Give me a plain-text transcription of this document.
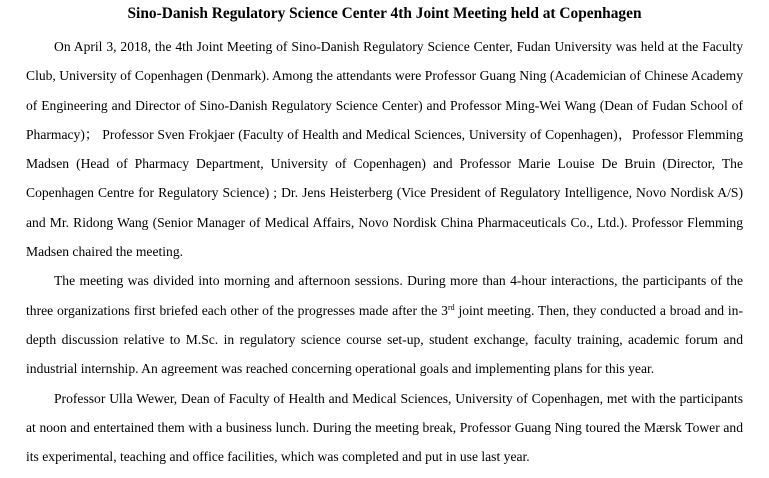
Sino-Danish Regulatory Science Center 4th Joint Meeting held at Copenhagen

On April 3, 2018, the 4th Joint Meeting of Sino-Danish Regulatory Science Center, Fudan University was held at the Faculty Club, University of Copenhagen (Denmark). Among the attendants were Professor Guang Ning (Academician of Chinese Academy of Engineering and Director of Sino-Danish Regulatory Science Center) and Professor Ming-Wei Wang (Dean of Fudan School of Pharmacy)； Professor Sven Frokjaer (Faculty of Health and Medical Sciences, University of Copenhagen)，Professor Flemming Madsen (Head of Pharmacy Department, University of Copenhagen) and Professor Marie Louise De Bruin (Director, The Copenhagen Centre for Regulatory Science) ; Dr. Jens Heisterberg (Vice President of Regulatory Intelligence, Novo Nordisk A/S) and Mr. Ridong Wang (Senior Manager of Medical Affairs, Novo Nordisk China Pharmaceuticals Co., Ltd.). Professor Flemming Madsen chaired the meeting.

The meeting was divided into morning and afternoon sessions. During more than 4-hour interactions, the participants of the three organizations first briefed each other of the progresses made after the 3rd joint meeting. Then, they conducted a broad and in-depth discussion relative to M.Sc. in regulatory science course set-up, student exchange, faculty training, academic forum and industrial internship. An agreement was reached concerning operational goals and implementing plans for this year.

Professor Ulla Wewer, Dean of Faculty of Health and Medical Sciences, University of Copenhagen, met with the participants at noon and entertained them with a business lunch. During the meeting break, Professor Guang Ning toured the Mærsk Tower and its experimental, teaching and office facilities, which was completed and put in use last year.
